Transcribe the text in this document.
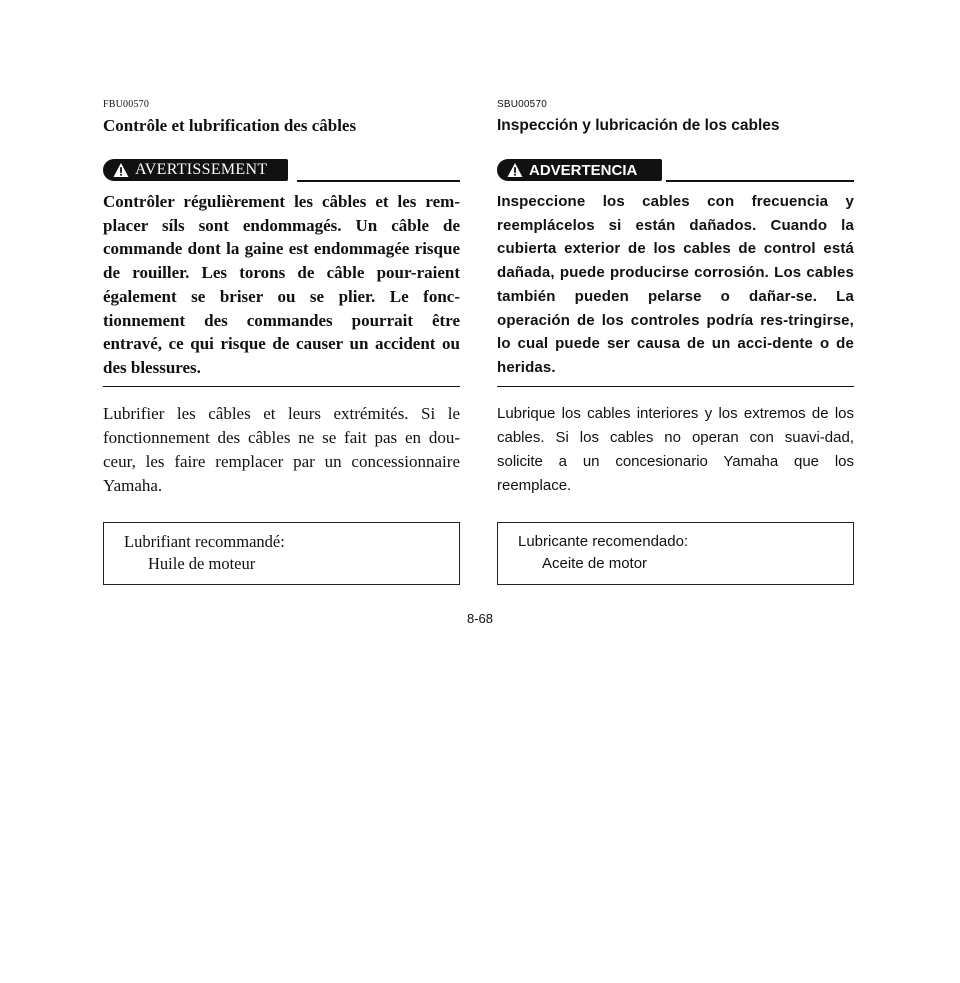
FBU00570
Contrôle et lubrification des câbles
AVERTISSEMENT

Contrôler régulièrement les câbles et les rem-placer síls sont endommagés. Un câble de commande dont la gaine est endommagée risque de rouiller. Les torons de câble pour-raient également se briser ou se plier. Le fonc-tionnement des commandes pourrait être entravé, ce qui risque de causer un accident ou des blessures.

Lubrifier les câbles et leurs extrémités. Si le fonctionnement des câbles ne se fait pas en dou-ceur, les faire remplacer par un concessionnaire Yamaha.

Lubrifiant recommandé:
Huile de moteur
SBU00570
Inspección y lubricación de los cables
ADVERTENCIA

Inspeccione los cables con frecuencia y reemplácelos si están dañados. Cuando la cubierta exterior de los cables de control está dañada, puede producirse corrosión. Los cables también pueden pelarse o dañar-se. La operación de los controles podría res-tringirse, lo cual puede ser causa de un acci-dente o de heridas.

Lubrique los cables interiores y los extremos de los cables. Si los cables no operan con suavi-dad, solicite a un concesionario Yamaha que los reemplace.

Lubricante recomendado:
Aceite de motor
8-68
